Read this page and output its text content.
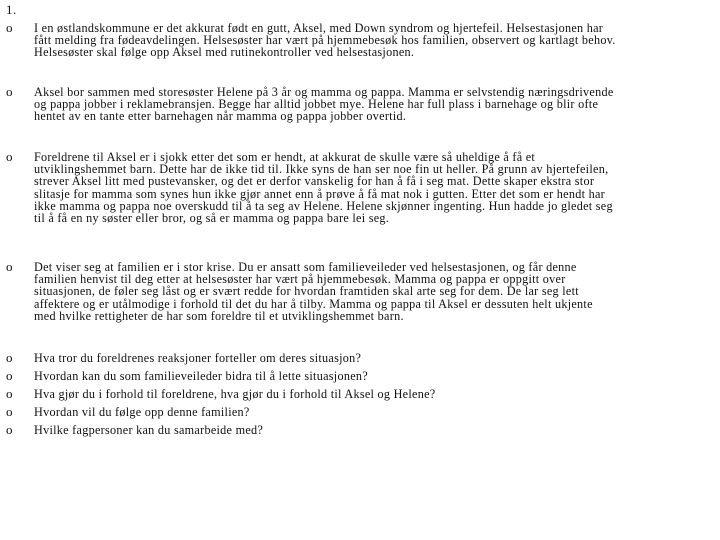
1.
o I en østlandskommune er det akkurat født en gutt, Aksel, med Down syndrom og hjertefeil. Helsestasjonen har
fått melding fra fødeavdelingen. Helsesøster har vært på hjemmebesøk hos familien, observert og kartlagt behov.
Helsesøster skal følge opp Aksel med rutinekontroller ved helsestasjonen.
o Aksel bor sammen med storesøster Helene på 3 år og mamma og pappa. Mamma er selvstendig næringsdrivende
og pappa jobber i reklamebransjen. Begge har alltid jobbet mye. Helene har full plass i barnehage og blir ofte
hentet av en tante etter barnehagen når mamma og pappa jobber overtid.
o Foreldrene til Aksel er i sjokk etter det som er hendt, at akkurat de skulle være så uheldige å få et
utviklingshemmet barn. Dette har de ikke tid til. Ikke syns de han ser noe fin ut heller. På grunn av hjertefeilen,
strever Aksel litt med pustevansker, og det er derfor vanskelig for han å få i seg mat. Dette skaper ekstra stor
slitasje for mamma som synes hun ikke gjør annet enn å prøve å få mat nok i gutten. Etter det som er hendt har
ikke mamma og pappa noe overskudd til å ta seg av Helene. Helene skjønner ingenting. Hun hadde jo gledet seg
til å få en ny søster eller bror, og så er mamma og pappa bare lei seg.
o Det viser seg at familien er i stor krise. Du er ansatt som familieveileder ved helsestasjonen, og får denne
familien henvist til deg etter at helsesøster har vært på hjemmebesøk. Mamma og pappa er oppgitt over
situasjonen, de føler seg låst og er svært redde for hvordan framtiden skal arte seg for dem. De lar seg lett
affektere og er utålmodige i forhold til det du har å tilby. Mamma og pappa til Aksel er dessuten helt ukjente
med hvilke rettigheter de har som foreldre til et utviklingshemmet barn.
o Hva tror du foreldrenes reaksjoner forteller om deres situasjon?
o Hvordan kan du som familieveileder bidra til å lette situasjonen?
o Hva gjør du i forhold til foreldrene, hva gjør du i forhold til Aksel og Helene?
o Hvordan vil du følge opp denne familien?
o Hvilke fagpersoner kan du samarbeide med?
